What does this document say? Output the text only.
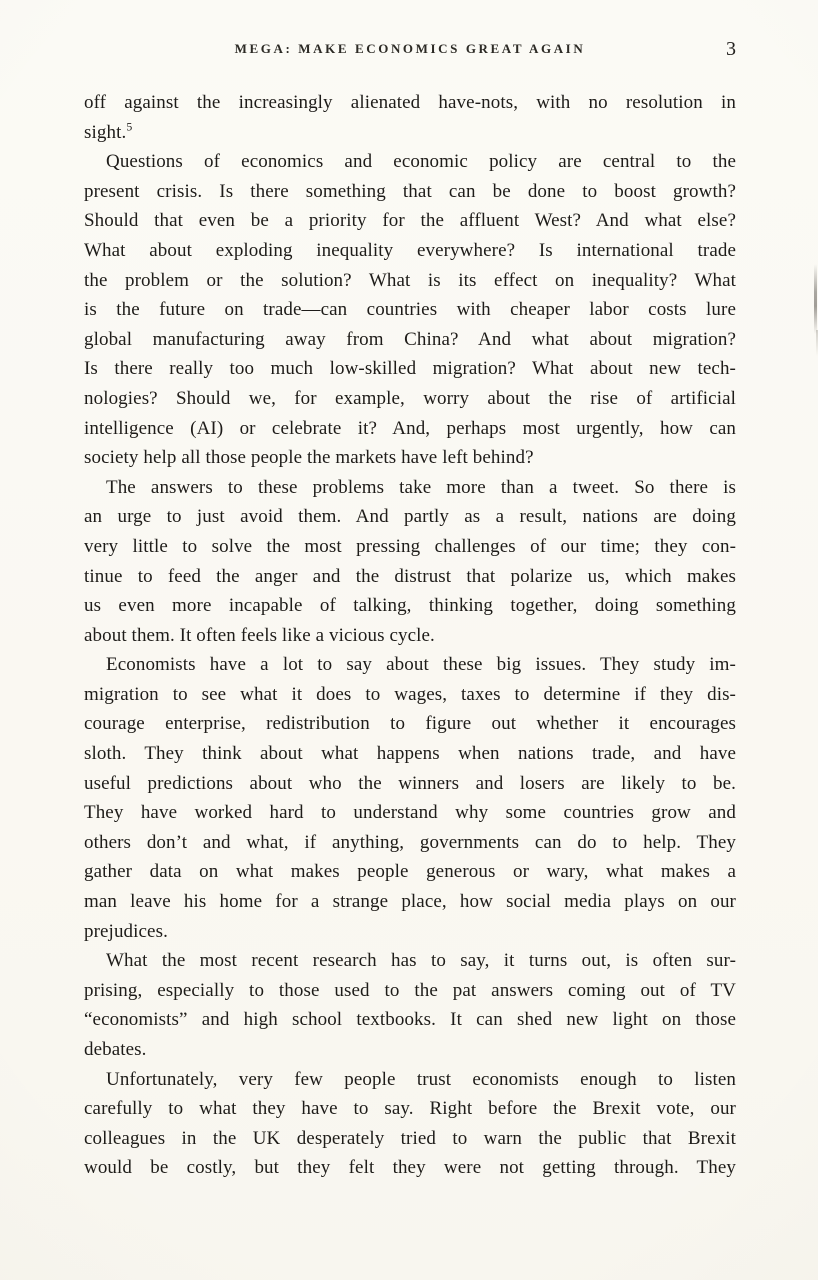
MEGA: MAKE ECONOMICS GREAT AGAIN	3
off against the increasingly alienated have-nots, with no resolution in
sight.$^5$
Questions of economics and economic policy are central to the
present crisis. Is there something that can be done to boost growth?
Should that even be a priority for the affluent West? And what else?
What about exploding inequality everywhere? Is international trade
the problem or the solution? What is its effect on inequality? What
is the future on trade—can countries with cheaper labor costs lure
global manufacturing away from China? And what about migration?
Is there really too much low-skilled migration? What about new tech-
nologies? Should we, for example, worry about the rise of artificial
intelligence (AI) or celebrate it? And, perhaps most urgently, how can
society help all those people the markets have left behind?
The answers to these problems take more than a tweet. So there is
an urge to just avoid them. And partly as a result, nations are doing
very little to solve the most pressing challenges of our time; they con-
tinue to feed the anger and the distrust that polarize us, which makes
us even more incapable of talking, thinking together, doing something
about them. It often feels like a vicious cycle.
Economists have a lot to say about these big issues. They study im-
migration to see what it does to wages, taxes to determine if they dis-
courage enterprise, redistribution to figure out whether it encourages
sloth. They think about what happens when nations trade, and have
useful predictions about who the winners and losers are likely to be.
They have worked hard to understand why some countries grow and
others don’t and what, if anything, governments can do to help. They
gather data on what makes people generous or wary, what makes a
man leave his home for a strange place, how social media plays on our
prejudices.
What the most recent research has to say, it turns out, is often sur-
prising, especially to those used to the pat answers coming out of TV
“economists” and high school textbooks. It can shed new light on those
debates.
Unfortunately, very few people trust economists enough to listen
carefully to what they have to say. Right before the Brexit vote, our
colleagues in the UK desperately tried to warn the public that Brexit
would be costly, but they felt they were not getting through. They
